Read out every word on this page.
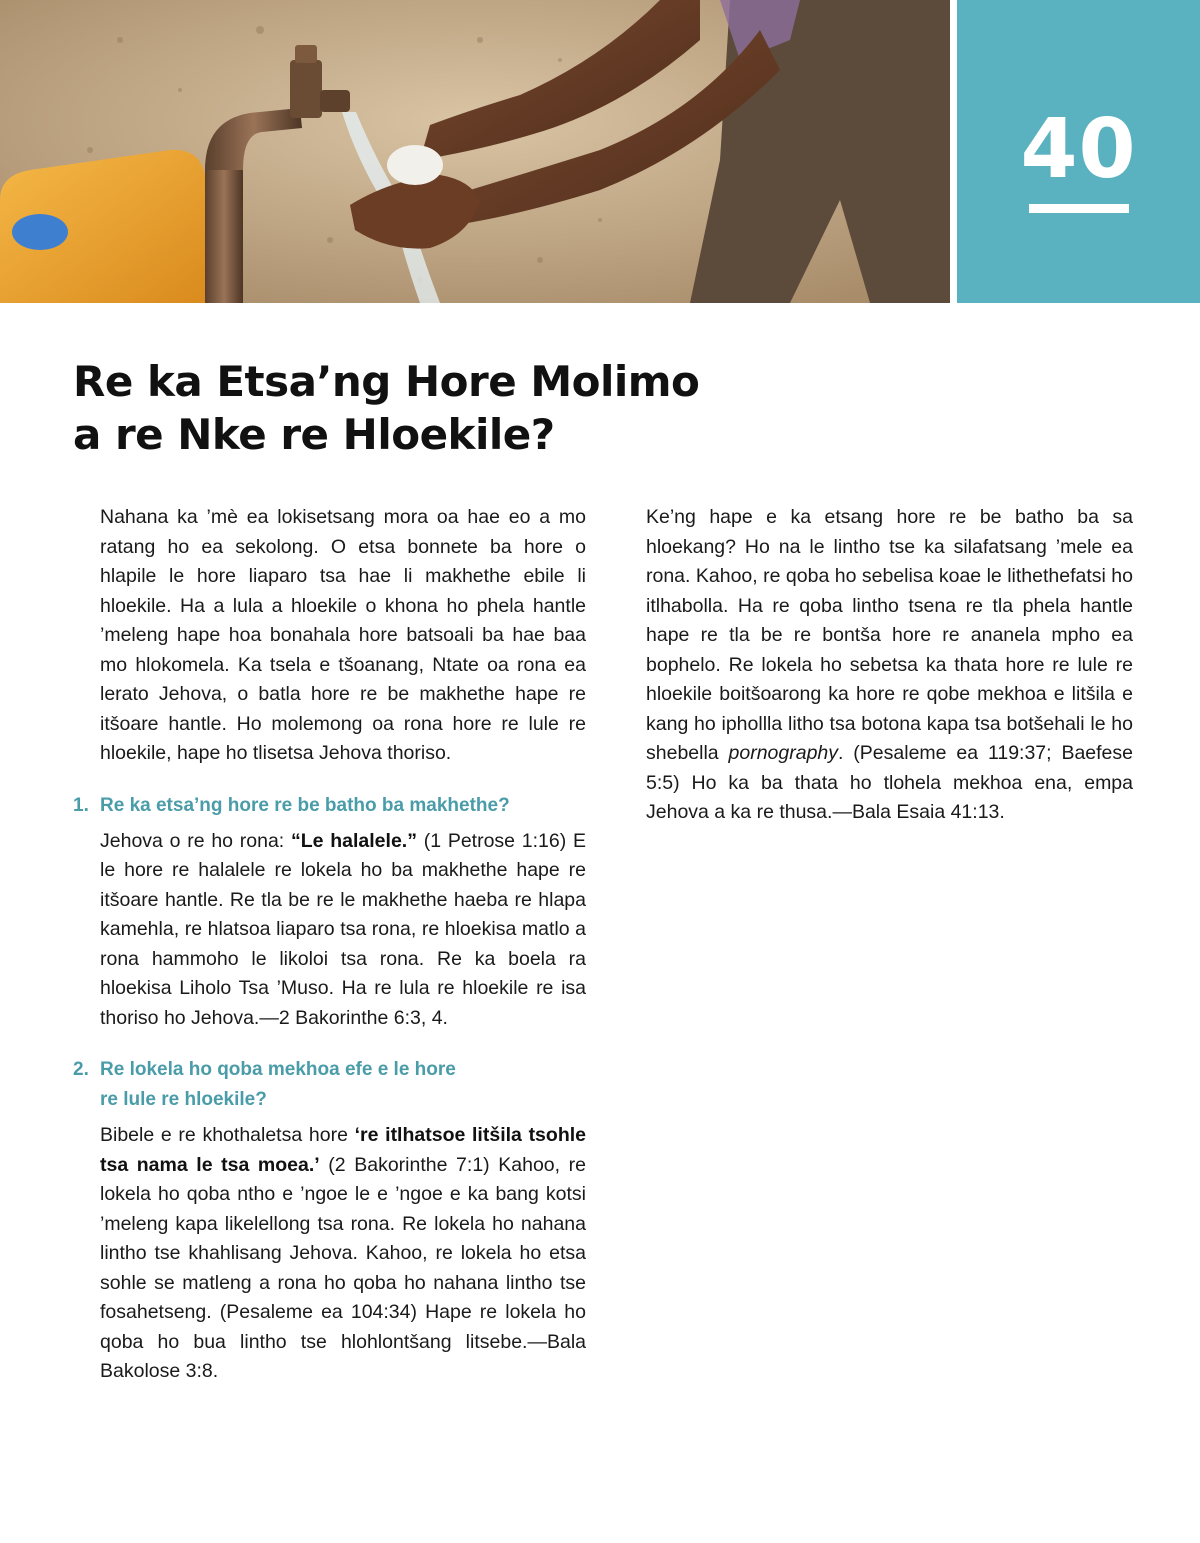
40
Re ka Etsa’ng Hore Molimo
a re Nke re Hloekile?

Nahana ka ’mè ea lokisetsang mora oa hae eo a mo ratang ho ea sekolong. O etsa bonnete ba hore o hlapile le hore liaparo tsa hae li makhethe ebile li hloekile. Ha a lula a hloekile o khona ho phela hantle ’meleng hape hoa bonahala hore batsoali ba hae baa mo hlokomela. Ka tsela e tšoanang, Ntate oa rona ea lerato Jehova, o batla hore re be makhethe hape re itšoare hantle. Ho molemong oa rona hore re lule re hloekile, hape ho tlisetsa Jehova thoriso.

1. Re ka etsa’ng hore re be batho ba makhethe?

Jehova o re ho rona: “Le halalele.” (1 Petrose 1:16) E le hore re halalele re lokela ho ba makhethe hape re itšoare hantle. Re tla be re le makhethe haeba re hlapa kamehla, re hlatsoa liaparo tsa rona, re hloekisa matlo a rona hammoho le likoloi tsa rona. Re ka boela ra hloekisa Liholo Tsa ’Muso. Ha re lula re hloekile re isa thoriso ho Jehova.—2 Bakorinthe 6:3, 4.

2. Re lokela ho qoba mekhoa efe e le hore
re lule re hloekile?

Bibele e re khothaletsa hore ‘re itlhatsoe litšila tsohle tsa nama le tsa moea.’ (2 Bakorinthe 7:1) Kahoo, re lokela ho qoba ntho e ’ngoe le e ’ngoe e ka bang kotsi ’meleng kapa likelellong tsa rona. Re lokela ho nahana lintho tse khahlisang Jehova. Kahoo, re lokela ho etsa sohle se matleng a rona ho qoba ho nahana lintho tse fosahetseng. (Pesaleme ea 104:34) Hape re lokela ho qoba ho bua lintho tse hlohlontšang litsebe.—Bala Bakolose 3:8.

Ke’ng hape e ka etsang hore re be batho ba sa hloekang? Ho na le lintho tse ka silafatsang ’mele ea rona. Kahoo, re qoba ho sebelisa koae le lithethefatsi ho itlhabolla. Ha re qoba lintho tsena re tla phela hantle hape re tla be re bontša hore re ananela mpho ea bophelo. Re lokela ho sebetsa ka thata hore re lule re hloekile boitšoarong ka hore re qobe mekhoa e litšila e kang ho iphollla litho tsa botona kapa tsa botšehali le ho shebella pornography. (Pesaleme ea 119:37; Baefese 5:5) Ho ka ba thata ho tlohela mekhoa ena, empa Jehova a ka re thusa.—Bala Esaia 41:13.
